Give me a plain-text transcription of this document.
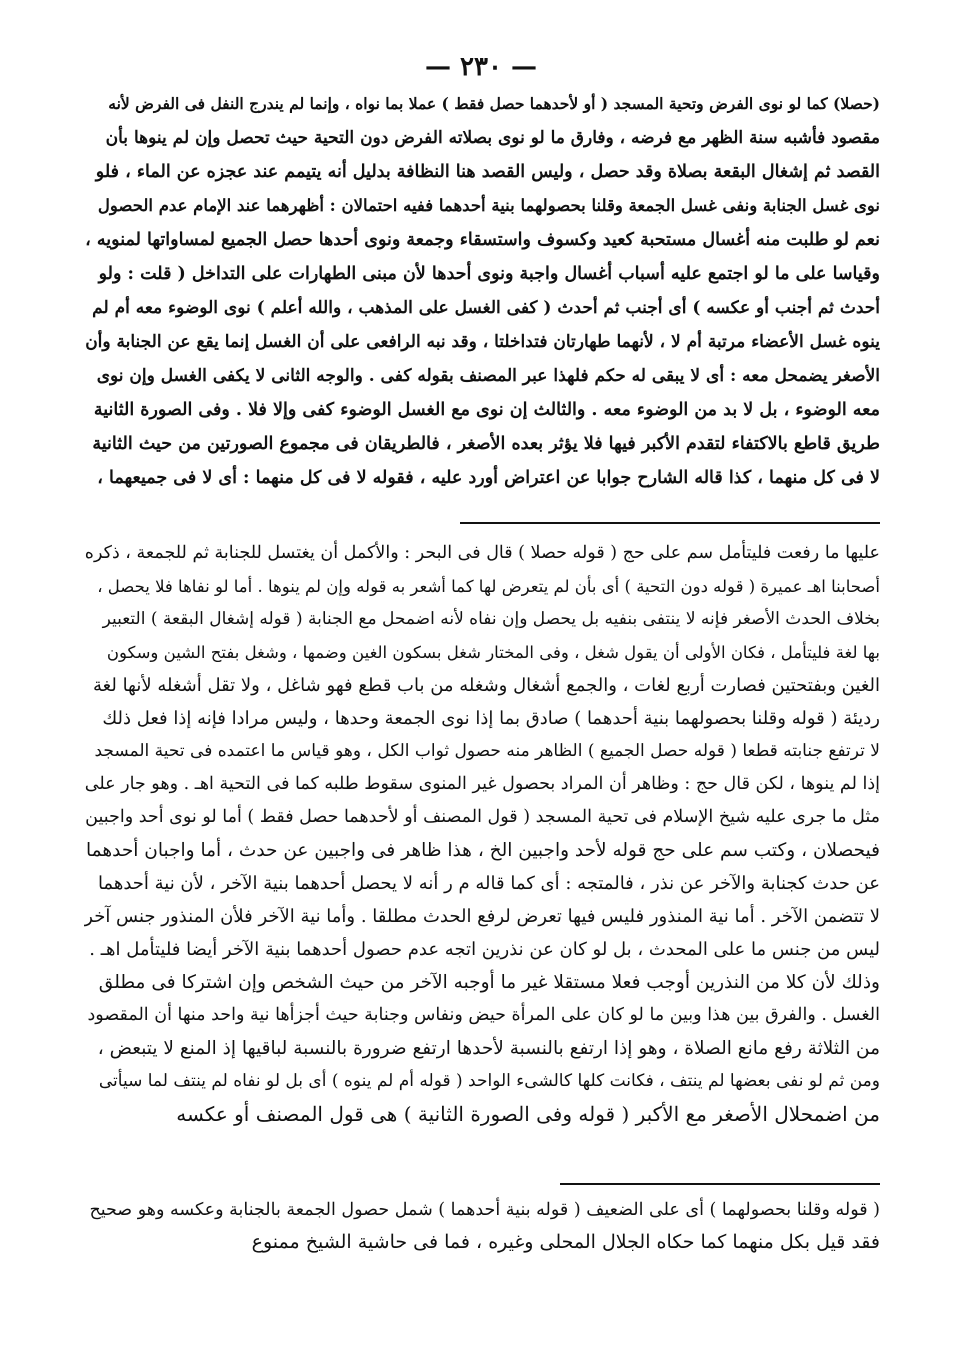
— ٢٣٠ —
(حصلا) كما لو نوى الفرض وتحية المسجد ( أو لأحدهما حصل فقط ) عملا بما نواه ، وإنما لم يندرج النفل فى الفرض لأنه
مقصود فأشبه سنة الظهر مع فرضه ، وفارق ما لو نوى بصلاته الفرض دون التحية حيث تحصل وإن لم ينوها بأن
القصد ثم إشغال البقعة بصلاة وقد حصل ، وليس القصد هنا النظافة بدليل أنه يتيمم عند عجزه عن الماء ، فلو
نوى غسل الجنابة ونفى غسل الجمعة وقلنا بحصولهما بنية أحدهما ففيه احتمالان : أظهرهما عند الإمام عدم الحصول
نعم لو طلبت منه أغسال مستحبة كعيد وكسوف واستسقاء وجمعة ونوى أحدها حصل الجميع لمساواتها لمنويه ،
وقياسا على ما لو اجتمع عليه أسباب أغسال واجبة ونوى أحدها لأن مبنى الطهارات على التداخل ( قلت : ولو
أحدث ثم أجنب أو عكسه ) أى أجنب ثم أحدث ( كفى الغسل على المذهب ، والله أعلم ) نوى الوضوء معه أم لم
ينوه غسل الأعضاء مرتبة أم لا ، لأنهما طهارتان فتداخلتا ، وقد نبه الرافعى على أن الغسل إنما يقع عن الجنابة وأن
الأصغر يضمحل معه : أى لا يبقى له حكم فلهذا عبر المصنف بقوله كفى . والوجه الثانى لا يكفى الغسل وإن نوى
معه الوضوء ، بل لا بد من الوضوء معه . والثالث إن نوى مع الغسل الوضوء كفى وإلا فلا . وفى الصورة الثانية
طريق قاطع بالاكتفاء لتقدم الأكبر فيها فلا يؤثر بعده الأصغر ، فالطريقان فى مجموع الصورتين من حيث الثانية
لا فى كل منهما ، كذا قاله الشارح جوابا عن اعتراض أورد عليه ، فقوله لا فى كل منهما : أى لا فى جميعهما ،
عليها ما رفعت فليتأمل سم على حج ( قوله حصلا ) قال فى البحر : والأكمل أن يغتسل للجنابة ثم للجمعة ، ذكره
أصحابنا اهـ عميرة ( قوله دون التحية ) أى بأن لم يتعرض لها كما أشعر به قوله وإن لم ينوها . أما لو نفاها فلا يحصل ،
بخلاف الحدث الأصغر فإنه لا ينتفى بنفيه بل يحصل وإن نفاه لأنه اضمحل مع الجنابة ( قوله إشغال البقعة ) التعبير
بها لغة فليتأمل ، فكان الأولى أن يقول شغل ، وفى المختار شغل بسكون الغين وضمها ، وشغل بفتح الشين وسكون
الغين وبفتحتين فصارت أربع لغات ، والجمع أشغال وشغله من باب قطع فهو شاغل ، ولا تقل أشغله لأنها لغة
رديئة ( قوله وقلنا بحصولهما بنية أحدهما ) صادق بما إذا نوى الجمعة وحدها ، وليس مرادا فإنه إذا فعل ذلك
لا ترتفع جنابته قطعا ( قوله حصل الجميع ) الظاهر منه حصول ثواب الكل ، وهو قياس ما اعتمده فى تحية المسجد
إذا لم ينوها ، لكن قال حج : وظاهر أن المراد بحصول غير المنوى سقوط طلبه كما فى التحية اهـ . وهو جار على
مثل ما جرى عليه شيخ الإسلام فى تحية المسجد ( قول المصنف أو لأحدهما حصل فقط ) أما لو نوى أحد واجبين
فيحصلان ، وكتب سم على حج قوله لأحد واجبين الخ ، هذا ظاهر فى واجبين عن حدث ، أما واجبان أحدهما
عن حدث كجنابة والآخر عن نذر ، فالمتجه : أى كما قاله م ر أنه لا يحصل أحدهما بنية الآخر ، لأن نية أحدهما
لا تتضمن الآخر . أما نية المنذور فليس فيها تعرض لرفع الحدث مطلقا . وأما نية الآخر فلأن المنذور جنس آخر
ليس من جنس ما على المحدث ، بل لو كان عن نذرين اتجه عدم حصول أحدهما بنية الآخر أيضا فليتأمل اهـ .
وذلك لأن كلا من النذرين أوجب فعلا مستقلا غير ما أوجبه الآخر من حيث الشخص وإن اشتركا فى مطلق
الغسل . والفرق بين هذا وبين ما لو كان على المرأة حيض ونفاس وجنابة حيث أجزأها نية واحد منها أن المقصود
من الثلاثة رفع مانع الصلاة ، وهو إذا ارتفع بالنسبة لأحدها ارتفع ضرورة بالنسبة لباقيها إذ المنع لا يتبعض ،
ومن ثم لو نفى بعضها لم ينتف ، فكانت كلها كالشىء الواحد ( قوله أم لم ينوه ) أى بل لو نفاه لم ينتف لما سيأتى
من اضمحلال الأصغر مع الأكبر ( قوله وفى الصورة الثانية ) هى قول المصنف أو عكسه
( قوله وقلنا بحصولهما ) أى على الضعيف ( قوله بنية أحدهما ) شمل حصول الجمعة بالجنابة وعكسه وهو صحيح
فقد قيل بكل منهما كما حكاه الجلال المحلى وغيره ، فما فى حاشية الشيخ ممنوع
